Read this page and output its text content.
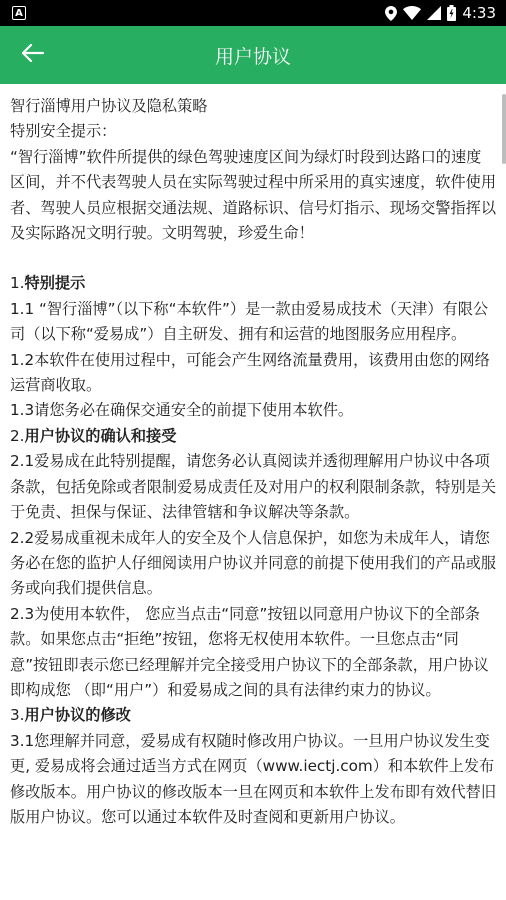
A	4:33
用户协议

智行淄博用户协议及隐私策略

特别安全提示：

“智行淄博”软件所提供的绿色驾驶速度区间为绿灯时段到达路口的速度区间，并不代表驾驶人员在实际驾驶过程中所采用的真实速度，软件使用者、驾驶人员应根据交通法规、道路标识、信号灯指示、现场交警指挥以及实际路况文明行驶。文明驾驶，珍爱生命！

1.特别提示

1.1 “智行淄博”（以下称“本软件”）是一款由爱易成技术（天津）有限公司（以下称“爱易成”）自主研发、拥有和运营的地图服务应用程序。

1.2本软件在使用过程中，可能会产生网络流量费用，该费用由您的网络运营商收取。

1.3请您务必在确保交通安全的前提下使用本软件。

2.用户协议的确认和接受

2.1爱易成在此特别提醒，请您务必认真阅读并透彻理解用户协议中各项条款，包括免除或者限制爱易成责任及对用户的权利限制条款，特别是关于免责、担保与保证、法律管辖和争议解决等条款。

2.2爱易成重视未成年人的安全及个人信息保护，如您为未成年人，请您务必在您的监护人仔细阅读用户协议并同意的前提下使用我们的产品或服务或向我们提供信息。

2.3为使用本软件， 您应当点击“同意”按钮以同意用户协议下的全部条款。如果您点击“拒绝”按钮，您将无权使用本软件。一旦您点击“同意”按钮即表示您已经理解并完全接受用户协议下的全部条款，用户协议即构成您 （即“用户”）和爱易成之间的具有法律约束力的协议。

3.用户协议的修改

3.1您理解并同意，爱易成有权随时修改用户协议。一旦用户协议发生变更, 爱易成将会通过适当方式在网页（www.iectj.com）和本软件上发布修改版本。用户协议的修改版本一旦在网页和本软件上发布即有效代替旧版用户协议。您可以通过本软件及时查阅和更新用户协议。
